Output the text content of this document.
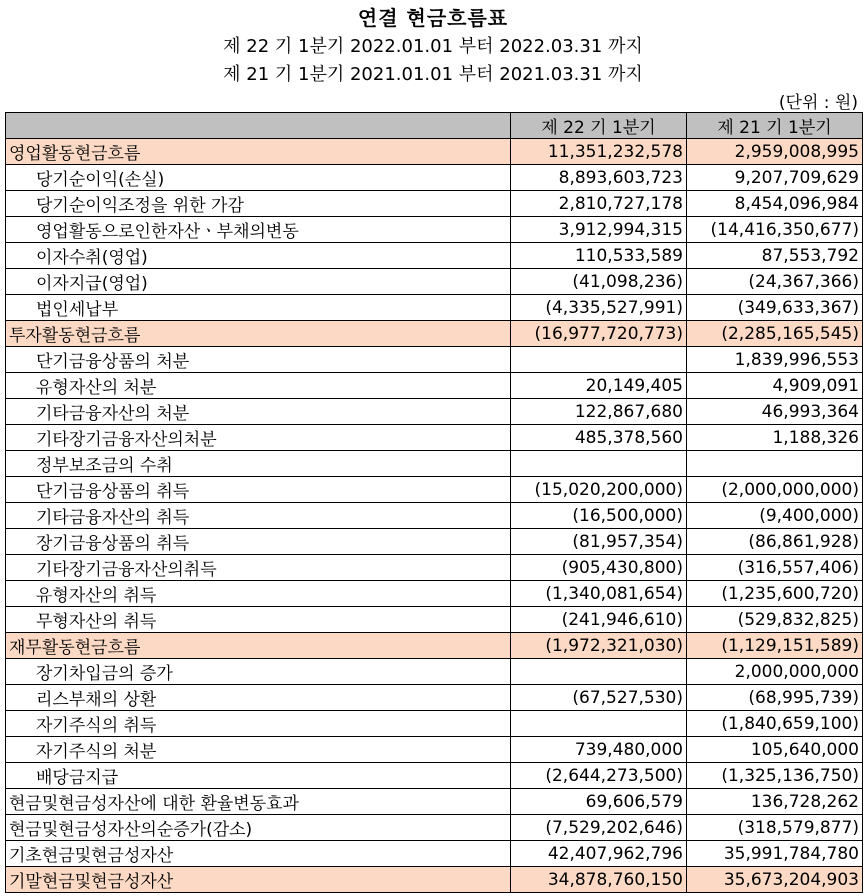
연결 현금흐름표
제 22 기 1분기 2022.01.01 부터 2022.03.31 까지
제 21 기 1분기 2021.01.01 부터 2021.03.31 까지
(단위 : 원)
	제 22 기 1분기	제 21 기 1분기
영업활동현금흐름	11,351,232,578	2,959,008,995
당기순이익(손실)	8,893,603,723	9,207,709,629
당기순이익조정을 위한 가감	2,810,727,178	8,454,096,984
영업활동으로인한자산ㆍ부채의변동	3,912,994,315	(14,416,350,677)
이자수취(영업)	110,533,589	87,553,792
이자지급(영업)	(41,098,236)	(24,367,366)
법인세납부	(4,335,527,991)	(349,633,367)
투자활동현금흐름	(16,977,720,773)	(2,285,165,545)
단기금융상품의 처분		1,839,996,553
유형자산의 처분	20,149,405	4,909,091
기타금융자산의 처분	122,867,680	46,993,364
기타장기금융자산의처분	485,378,560	1,188,326
정부보조금의 수취		
단기금융상품의 취득	(15,020,200,000)	(2,000,000,000)
기타금융자산의 취득	(16,500,000)	(9,400,000)
장기금융상품의 취득	(81,957,354)	(86,861,928)
기타장기금융자산의취득	(905,430,800)	(316,557,406)
유형자산의 취득	(1,340,081,654)	(1,235,600,720)
무형자산의 취득	(241,946,610)	(529,832,825)
재무활동현금흐름	(1,972,321,030)	(1,129,151,589)
장기차입금의 증가		2,000,000,000
리스부채의 상환	(67,527,530)	(68,995,739)
자기주식의 취득		(1,840,659,100)
자기주식의 처분	739,480,000	105,640,000
배당금지급	(2,644,273,500)	(1,325,136,750)
현금및현금성자산에 대한 환율변동효과	69,606,579	136,728,262
현금및현금성자산의순증가(감소)	(7,529,202,646)	(318,579,877)
기초현금및현금성자산	42,407,962,796	35,991,784,780
기말현금및현금성자산	34,878,760,150	35,673,204,903
